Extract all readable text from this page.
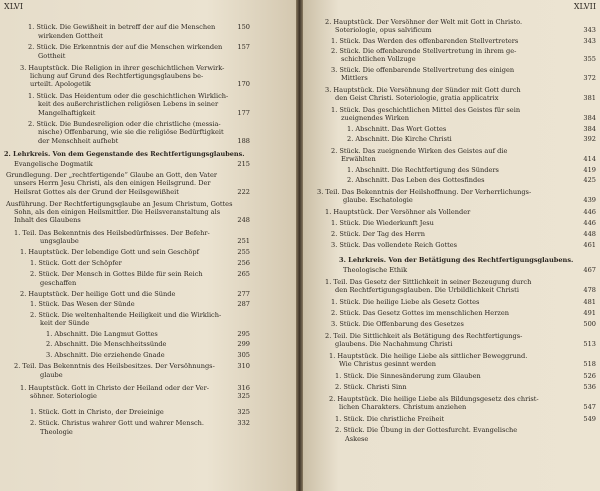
XLVI
1. Stück. Die Gewißheit in betreff der auf die Menschen	150
wirkenden Gottheit
2. Stück. Die Erkenntnis der auf die Menschen wirkenden 157
Gottheit
3. Hauptstück. Die Religion in ihrer geschichtlichen Verwirk-
lichung auf Grund des Rechtfertigungsglaubens be-
urteilt. Apologetik	170
1. Stück. Das Heidentum oder die geschichtlichen Wirklich-
keit des außerchristlichen religiösen Lebens in seiner
Mangelhaftigkeit	177
2. Stück. Die Bundesreligion oder die christliche (messia-
nische) Offenbarung, wie sie die religiöse Bedürftigkeit
der Menschheit aufhebt	188
2. Lehrkreis. Von dem Gegenstande des Rechtfertigungsglaubens.
Evangelische Dogmatik	215
Grundlegung. Der „rechtfertigende“ Glaube an Gott, den Vater
unsers Herrn Jesu Christi, als den einigen Heilsgrund. Der
Heilsrat Gottes als der Grund der Heilsgewißheit	222
Ausführung. Der Rechtfertigungsglaube an Jesum Christum, Gottes
Sohn, als den einigen Heilsmittler. Die Heilsveranstaltung als
Inhalt des Glaubens	248
1. Teil. Das Bekenntnis des Heilsbedürfnisses. Der Befehr-
ungsglaube	251
1. Hauptstück. Der lebendige Gott und sein Geschöpf	255
1. Stück. Gott der Schöpfer	256
2. Stück. Der Mensch in Gottes Bilde für sein Reich	265
geschaffen
2. Hauptstück. Der heilige Gott und die Sünde	277
1. Stück. Das Wesen der Sünde	287
2. Stück. Die weltenhaltende Heiligkeit und die Wirklich-
keit der Sünde
1. Abschnitt. Die Langmut Gottes	295
2. Abschnitt. Die Menschheitssünde	299
3. Abschnitt. Die erziehende Gnade	305
2. Teil. Das Bekenntnis des Heilsbesitzes. Der Versöhnungs-	310
glaube
1. Hauptstück. Gott in Christo der Heiland oder der Ver-	316
söhner. Soteriologie	325
1. Stück. Gott in Christo, der Dreieinige	325
2. Stück. Christus wahrer Gott und wahrer Mensch.	332
Theologie
XLVII
2. Hauptstück. Der Versöhner der Welt mit Gott in Christo.
Soteriologie, opus salvificum	343
1. Stück. Das Werden des offenbarenden Stellvertreters	343
2. Stück. Die offenbarende Stellvertretung in ihrem ge-
schichtlichen Vollzuge	355
3. Stück. Die offenbarende Stellvertretung des einigen
Mittlers	372
3. Hauptstück. Die Versöhnung der Sünder mit Gott durch
den Geist Christi. Soteriologie, gratia applicatrix	381
1. Stück. Das geschichtlichen Mittel des Geistes für sein
zueignendes Wirken	384
1. Abschnitt. Das Wort Gottes	384
2. Abschnitt. Die Kirche Christi	392
2. Stück. Das zueignende Wirken des Geistes auf die
Erwählten	414
1. Abschnitt. Die Rechtfertigung des Sünders	419
2. Abschnitt. Das Leben des Gottesfindes	425
3. Teil. Das Bekenntnis der Heilshoffnung. Der Verherrlichungs-
glaube. Eschatologie	439
1. Hauptstück. Der Versöhner als Vollender	446
1. Stück. Die Wiederkunft Jesu	446
2. Stück. Der Tag des Herrn	448
3. Stück. Das vollendete Reich Gottes	461
3. Lehrkreis. Von der Betätigung des Rechtfertigungsglaubens.
Theologische Ethik	467
1. Teil. Das Gesetz der Sittlichkeit in seiner Bezeugung durch
den Rechtfertigungsglauben. Die Urbildlichkeit Christi	478
1. Stück. Die heilige Liebe als Gesetz Gottes	481
2. Stück. Das Gesetz Gottes im menschlichen Herzen	491
3. Stück. Die Offenbarung des Gesetzes	500
2. Teil. Die Sittlichkeit als Betätigung des Rechtfertigungs-
glaubens. Die Nachahmung Christi	513
1. Hauptstück. Die heilige Liebe als sittlicher Beweggrund.
Wie Christus gesinnt werden	518
1. Stück. Die Sinnesänderung zum Glauben	526
2. Stück. Christi Sinn	536
2. Hauptstück. Die heilige Liebe als Bildungsgesetz des christ-
lichen Charakters. Christum anziehen	547
1. Stück. Die christliche Freiheit	549
2. Stück. Die Übung in der Gottesfurcht. Evangelische
Askese
